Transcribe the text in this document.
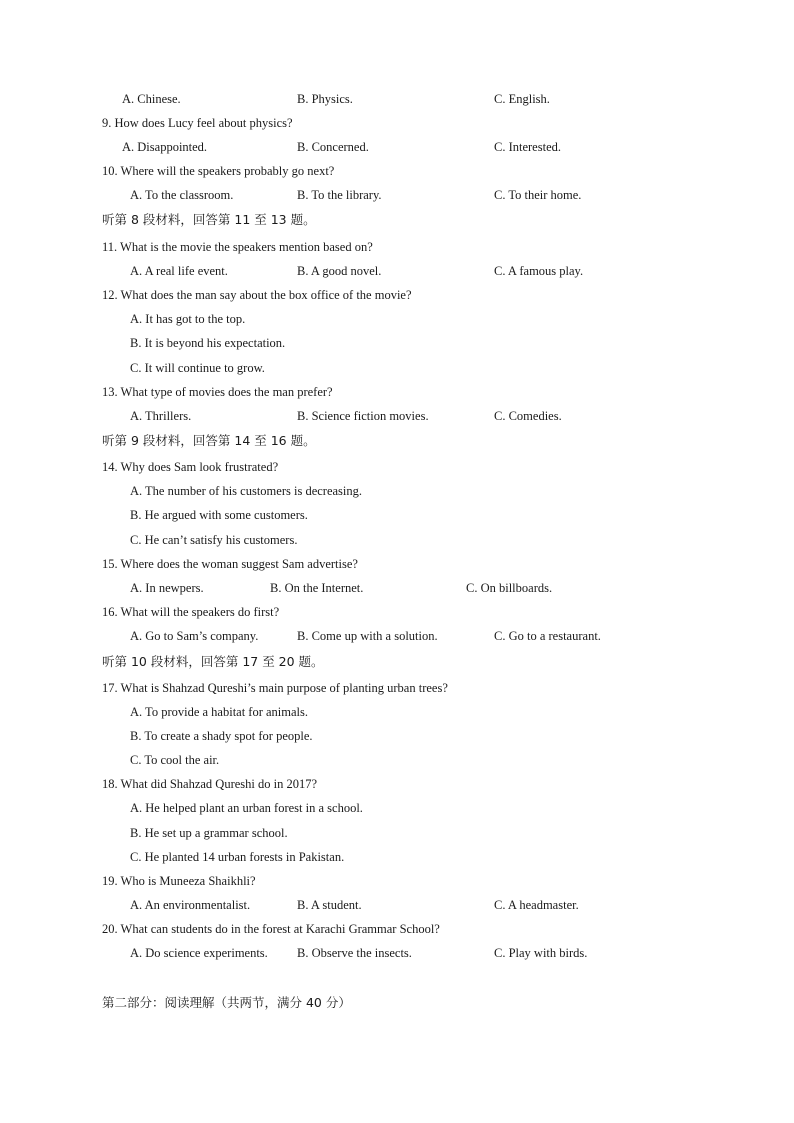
A. Chinese.	B. Physics.	C. English.
9. How does Lucy feel about physics?
A. Disappointed.	B. Concerned.	C. Interested.
10. Where will the speakers probably go next?
A. To the classroom.	B. To the library.	C. To their home.
听第 8 段材料，回答第 11 至 13 题。
11. What is the movie the speakers mention based on?
A. A real life event.	B. A good novel.	C. A famous play.
12. What does the man say about the box office of the movie?
A. It has got to the top.
B. It is beyond his expectation.
C. It will continue to grow.
13. What type of movies does the man prefer?
A. Thrillers.	B. Science fiction movies.	C. Comedies.
听第 9 段材料，回答第 14 至 16 题。
14. Why does Sam look frustrated?
A. The number of his customers is decreasing.
B. He argued with some customers.
C. He can’t satisfy his customers.
15. Where does the woman suggest Sam advertise?
A. In newpers.	B. On the Internet.	C. On billboards.
16. What will the speakers do first?
A. Go to Sam’s company.	B. Come up with a solution.	C. Go to a restaurant.
听第 10 段材料，回答第 17 至 20 题。
17. What is Shahzad Qureshi’s main purpose of planting urban trees?
A. To provide a habitat for animals.
B. To create a shady spot for people.
C. To cool the air.
18. What did Shahzad Qureshi do in 2017?
A. He helped plant an urban forest in a school.
B. He set up a grammar school.
C. He planted 14 urban forests in Pakistan.
19. Who is Muneeza Shaikhli?
A. An environmentalist.	B. A student.	C. A headmaster.
20. What can students do in the forest at Karachi Grammar School?
A. Do science experiments. B. Observe the insects.	C. Play with birds.
第二部分：阅读理解（共两节，满分 40 分）
